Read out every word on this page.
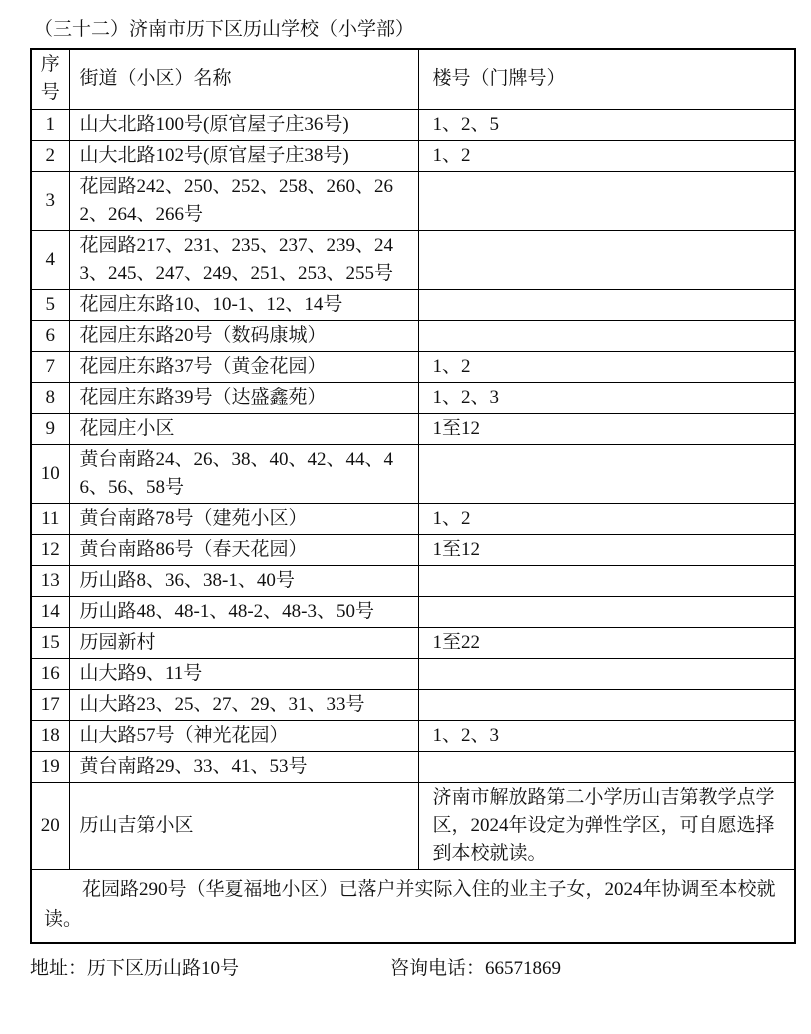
（三十二）济南市历下区历山学校（小学部）
序号	街道（小区）名称	楼号（门牌号）
1	山大北路100号(原官屋子庄36号)	1、2、5
2	山大北路102号(原官屋子庄38号)	1、2
3	花园路242、250、252、258、260、262、264、266号	
4	花园路217、231、235、237、239、243、245、247、249、251、253、255号	
5	花园庄东路10、10-1、12、14号	
6	花园庄东路20号（数码康城）	
7	花园庄东路37号（黄金花园）	1、2
8	花园庄东路39号（达盛鑫苑）	1、2、3
9	花园庄小区	1至12
10	黄台南路24、26、38、40、42、44、46、56、58号	
11	黄台南路78号（建苑小区）	1、2
12	黄台南路86号（春天花园）	1至12
13	历山路8、36、38-1、40号	
14	历山路48、48-1、48-2、48-3、50号	
15	历园新村	1至22
16	山大路9、11号	
17	山大路23、25、27、29、31、33号	
18	山大路57号（神光花园）	1、2、3
19	黄台南路29、33、41、53号	
20	历山吉第小区	济南市解放路第二小学历山吉第教学点学区，2024年设定为弹性学区，可自愿选择到本校就读。
花园路290号（华夏福地小区）已落户并实际入住的业主子女，2024年协调至本校就读。		
地址：历下区历山路10号	咨询电话：66571869
